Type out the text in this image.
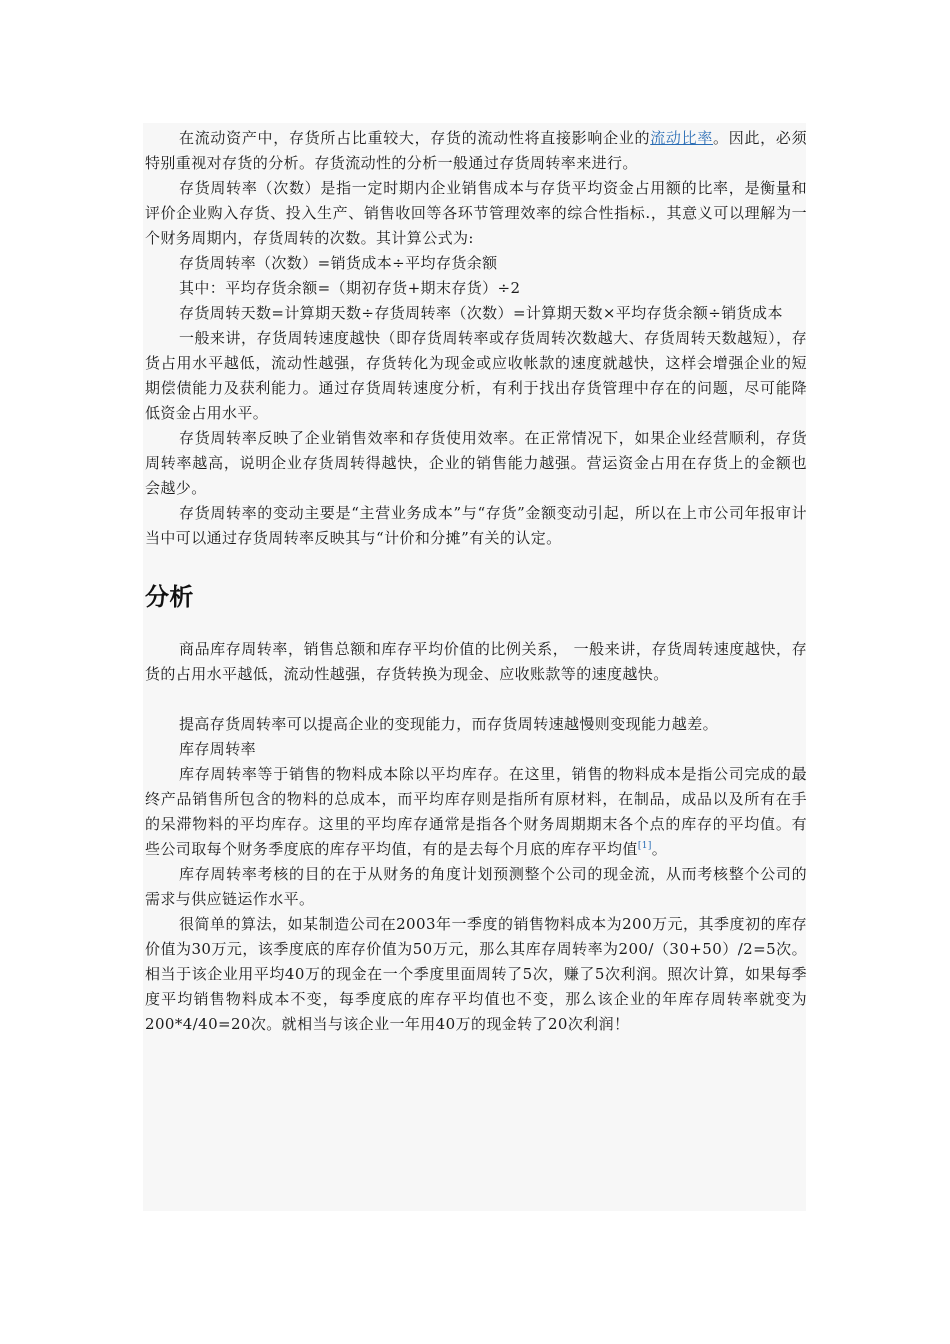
在流动资产中，存货所占比重较大，存货的流动性将直接影响企业的流动比率。因此，必须特别重视对存货的分析。存货流动性的分析一般通过存货周转率来进行。

存货周转率（次数）是指一定时期内企业销售成本与存货平均资金占用额的比率，是衡量和评价企业购入存货、投入生产、销售收回等各环节管理效率的综合性指标.，其意义可以理解为一个财务周期内，存货周转的次数。其计算公式为:

存货周转率（次数）=销货成本÷平均存货余额

其中：平均存货余额=（期初存货+期末存货）÷2

存货周转天数=计算期天数÷存货周转率（次数）=计算期天数×平均存货余额÷销货成本

一般来讲，存货周转速度越快（即存货周转率或存货周转次数越大、存货周转天数越短），存货占用水平越低，流动性越强，存货转化为现金或应收帐款的速度就越快，这样会增强企业的短期偿债能力及获利能力。通过存货周转速度分析，有利于找出存货管理中存在的问题，尽可能降低资金占用水平。

存货周转率反映了企业销售效率和存货使用效率。在正常情况下，如果企业经营顺利，存货周转率越高，说明企业存货周转得越快，企业的销售能力越强。营运资金占用在存货上的金额也会越少。

存货周转率的变动主要是“主营业务成本”与“存货”金额变动引起，所以在上市公司年报审计当中可以通过存货周转率反映其与“计价和分摊”有关的认定。

分析

商品库存周转率，销售总额和库存平均价值的比例关系， 一般来讲，存货周转速度越快，存货的占用水平越低，流动性越强，存货转换为现金、应收账款等的速度越快。

提高存货周转率可以提高企业的变现能力，而存货周转速越慢则变现能力越差。

库存周转率

库存周转率等于销售的物料成本除以平均库存。在这里，销售的物料成本是指公司完成的最终产品销售所包含的物料的总成本，而平均库存则是指所有原材料，在制品，成品以及所有在手的呆滞物料的平均库存。这里的平均库存通常是指各个财务周期期末各个点的库存的平均值。有些公司取每个财务季度底的库存平均值，有的是去每个月底的库存平均值[1]。

库存周转率考核的目的在于从财务的角度计划预测整个公司的现金流，从而考核整个公司的需求与供应链运作水平。

很简单的算法，如某制造公司在2003年一季度的销售物料成本为200万元，其季度初的库存价值为30万元，该季度底的库存价值为50万元，那么其库存周转率为200/（30+50）/2=5次。相当于该企业用平均40万的现金在一个季度里面周转了5次，赚了5次利润。照次计算，如果每季度平均销售物料成本不变，每季度底的库存平均值也不变，那么该企业的年库存周转率就变为200*4/40=20次。就相当与该企业一年用40万的现金转了20次利润！
